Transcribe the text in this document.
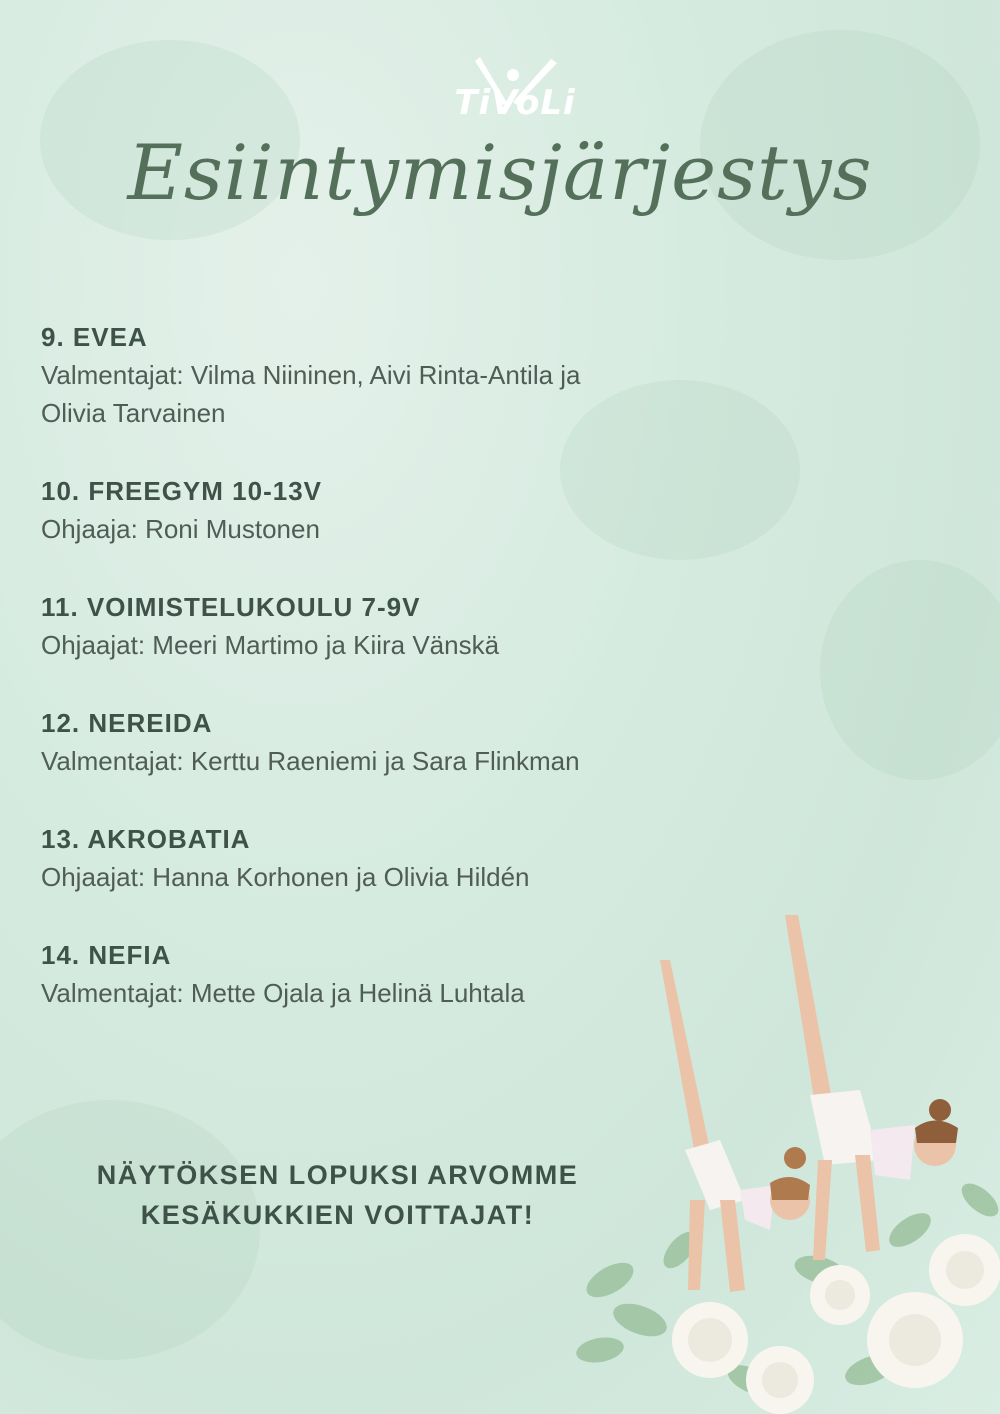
TiVoLi
Esiintymisjärjestys
9. EVEA
Valmentajat: Vilma Niininen, Aivi Rinta-Antila ja
Olivia Tarvainen
10. FREEGYM 10-13V
Ohjaaja: Roni Mustonen
11. VOIMISTELUKOULU 7-9V
Ohjaajat: Meeri Martimo ja Kiira Vänskä
12. NEREIDA
Valmentajat: Kerttu Raeniemi ja Sara Flinkman
13. AKROBATIA
Ohjaajat: Hanna Korhonen ja Olivia Hildén
14. NEFIA
Valmentajat: Mette Ojala ja Helinä Luhtala
NÄYTÖKSEN LOPUKSI ARVOMME
KESÄKUKKIEN VOITTAJAT!
